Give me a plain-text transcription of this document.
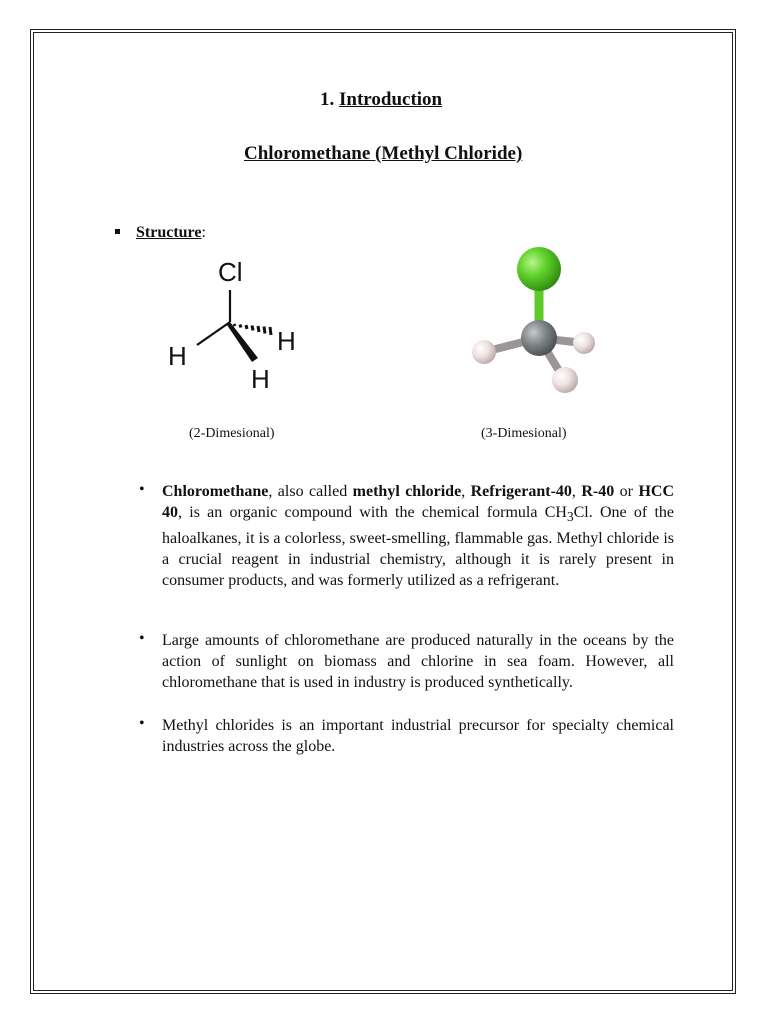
1. Introduction
Chloromethane (Methyl Chloride)
Structure:
Cl
H	H
H
(2-Dimesional)	(3-Dimesional)
• Chloromethane, also called methyl chloride, Refrigerant-40, R-40 or HCC 40, is an organic compound with the chemical formula $CH_3Cl$. One of the haloalkanes, it is a colorless, sweet-smelling, flammable gas. Methyl chloride is a crucial reagent in industrial chemistry, although it is rarely present in consumer products, and was formerly utilized as a refrigerant.

• Large amounts of chloromethane are produced naturally in the oceans by the action of sunlight on biomass and chlorine in sea foam. However, all chloromethane that is used in industry is produced synthetically.

• Methyl chlorides is an important industrial precursor for specialty chemical industries across the globe.
